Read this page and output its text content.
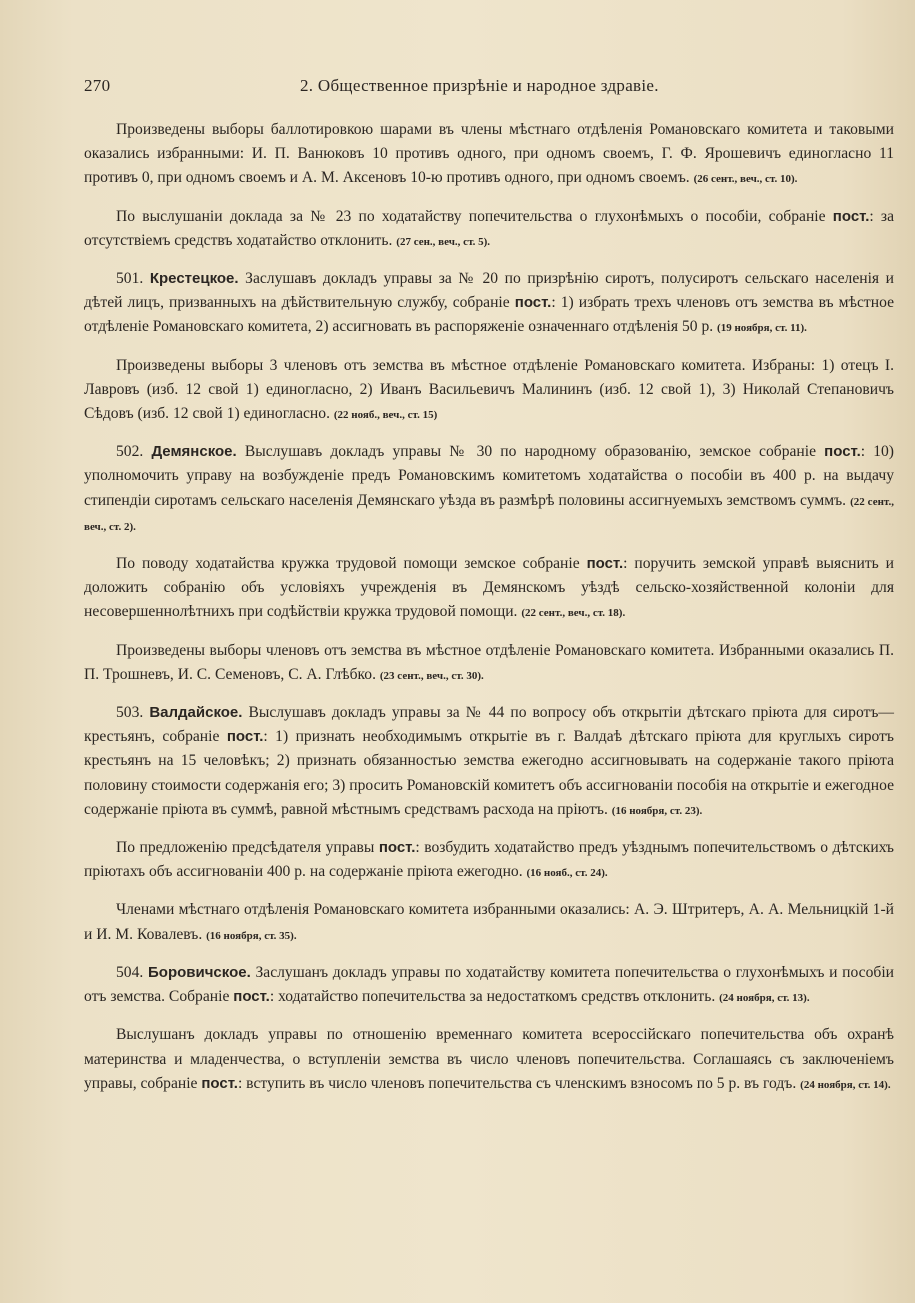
270	2. Общественное призрѣніе и народное здравіе.

Произведены выборы баллотировкою шарами въ члены мѣстнаго отдѣленія Романовскаго комитета и таковыми оказались избранными: И. П. Ванюковъ 10 противъ одного, при одномъ своемъ, Г. Ф. Ярошевичъ единогласно 11 противъ 0, при одномъ своемъ и А. М. Аксеновъ 10-ю противъ одного, при одномъ своемъ. (26 сент., веч., ст. 10).

По выслушаніи доклада за № 23 по ходатайству попечительства о глухонѣмыхъ о пособіи, собраніе пост.: за отсутствіемъ средствъ ходатайство отклонить. (27 сен., веч., ст. 5).

501. Крестецкое. Заслушавъ докладъ управы за № 20 по призрѣнію сиротъ, полусиротъ сельскаго населенія и дѣтей лицъ, призванныхъ на дѣйствительную службу, собраніе пост.: 1) избрать трехъ членовъ отъ земства въ мѣстное отдѣленіе Романовскаго комитета, 2) ассигновать въ распоряженіе означеннаго отдѣленія 50 р. (19 ноября, ст. 11).

Произведены выборы 3 членовъ отъ земства въ мѣстное отдѣленіе Романовскаго комитета. Избраны: 1) отецъ І. Лавровъ (изб. 12 свой 1) единогласно, 2) Иванъ Васильевичъ Малининъ (изб. 12 свой 1), 3) Николай Степановичъ Сѣдовъ (изб. 12 свой 1) единогласно. (22 нояб., веч., ст. 15)

502. Демянское. Выслушавъ докладъ управы № 30 по народному образованію, земское собраніе пост.: 10) уполномочить управу на возбужденіе предъ Романовскимъ комитетомъ ходатайства о пособіи въ 400 р. на выдачу стипендіи сиротамъ сельскаго населенія Демянскаго уѣзда въ размѣрѣ половины ассигнуемыхъ земствомъ суммъ. (22 сент., веч., ст. 2).

По поводу ходатайства кружка трудовой помощи земское собраніе пост.: поручить земской управѣ выяснить и доложить собранію объ условіяхъ учрежденія въ Демянскомъ уѣздѣ сельско-хозяйственной колоніи для несовершеннолѣтнихъ при содѣйствіи кружка трудовой помощи. (22 сент., веч., ст. 18).

Произведены выборы членовъ отъ земства въ мѣстное отдѣленіе Романовскаго комитета. Избранными оказались П. П. Трошневъ, И. С. Семеновъ, С. А. Глѣбко. (23 сент., веч., ст. 30).

503. Валдайское. Выслушавъ докладъ управы за № 44 по вопросу объ открытіи дѣтскаго пріюта для сиротъ—крестьянъ, собраніе пост.: 1) признать необходимымъ открытіе въ г. Валдаѣ дѣтскаго пріюта для круглыхъ сиротъ крестьянъ на 15 человѣкъ; 2) признать обязанностью земства ежегодно ассигновывать на содержаніе такого пріюта половину стоимости содержанія его; 3) просить Романовскій комитетъ объ ассигнованіи пособія на открытіе и ежегодное содержаніе пріюта въ суммѣ, равной мѣстнымъ средствамъ расхода на пріютъ. (16 ноября, ст. 23).

По предложенію предсѣдателя управы пост.: возбудить ходатайство предъ уѣзднымъ попечительствомъ о дѣтскихъ пріютахъ объ ассигнованіи 400 р. на содержаніе пріюта ежегодно. (16 нояб., ст. 24).

Членами мѣстнаго отдѣленія Романовскаго комитета избранными оказались: А. Э. Штритеръ, А. А. Мельницкій 1-й и И. М. Ковалевъ. (16 ноября, ст. 35).

504. Боровичское. Заслушанъ докладъ управы по ходатайству комитета попечительства о глухонѣмыхъ и пособіи отъ земства. Собраніе пост.: ходатайство попечительства за недостаткомъ средствъ отклонить. (24 ноября, ст. 13).

Выслушанъ докладъ управы по отношенію временнаго комитета всероссійскаго попечительства объ охранѣ материнства и младенчества, о вступленіи земства въ число членовъ попечительства. Соглашаясь съ заключеніемъ управы, собраніе пост.: вступить въ число членовъ попечительства съ членскимъ взносомъ по 5 р. въ годъ. (24 ноября, ст. 14).
